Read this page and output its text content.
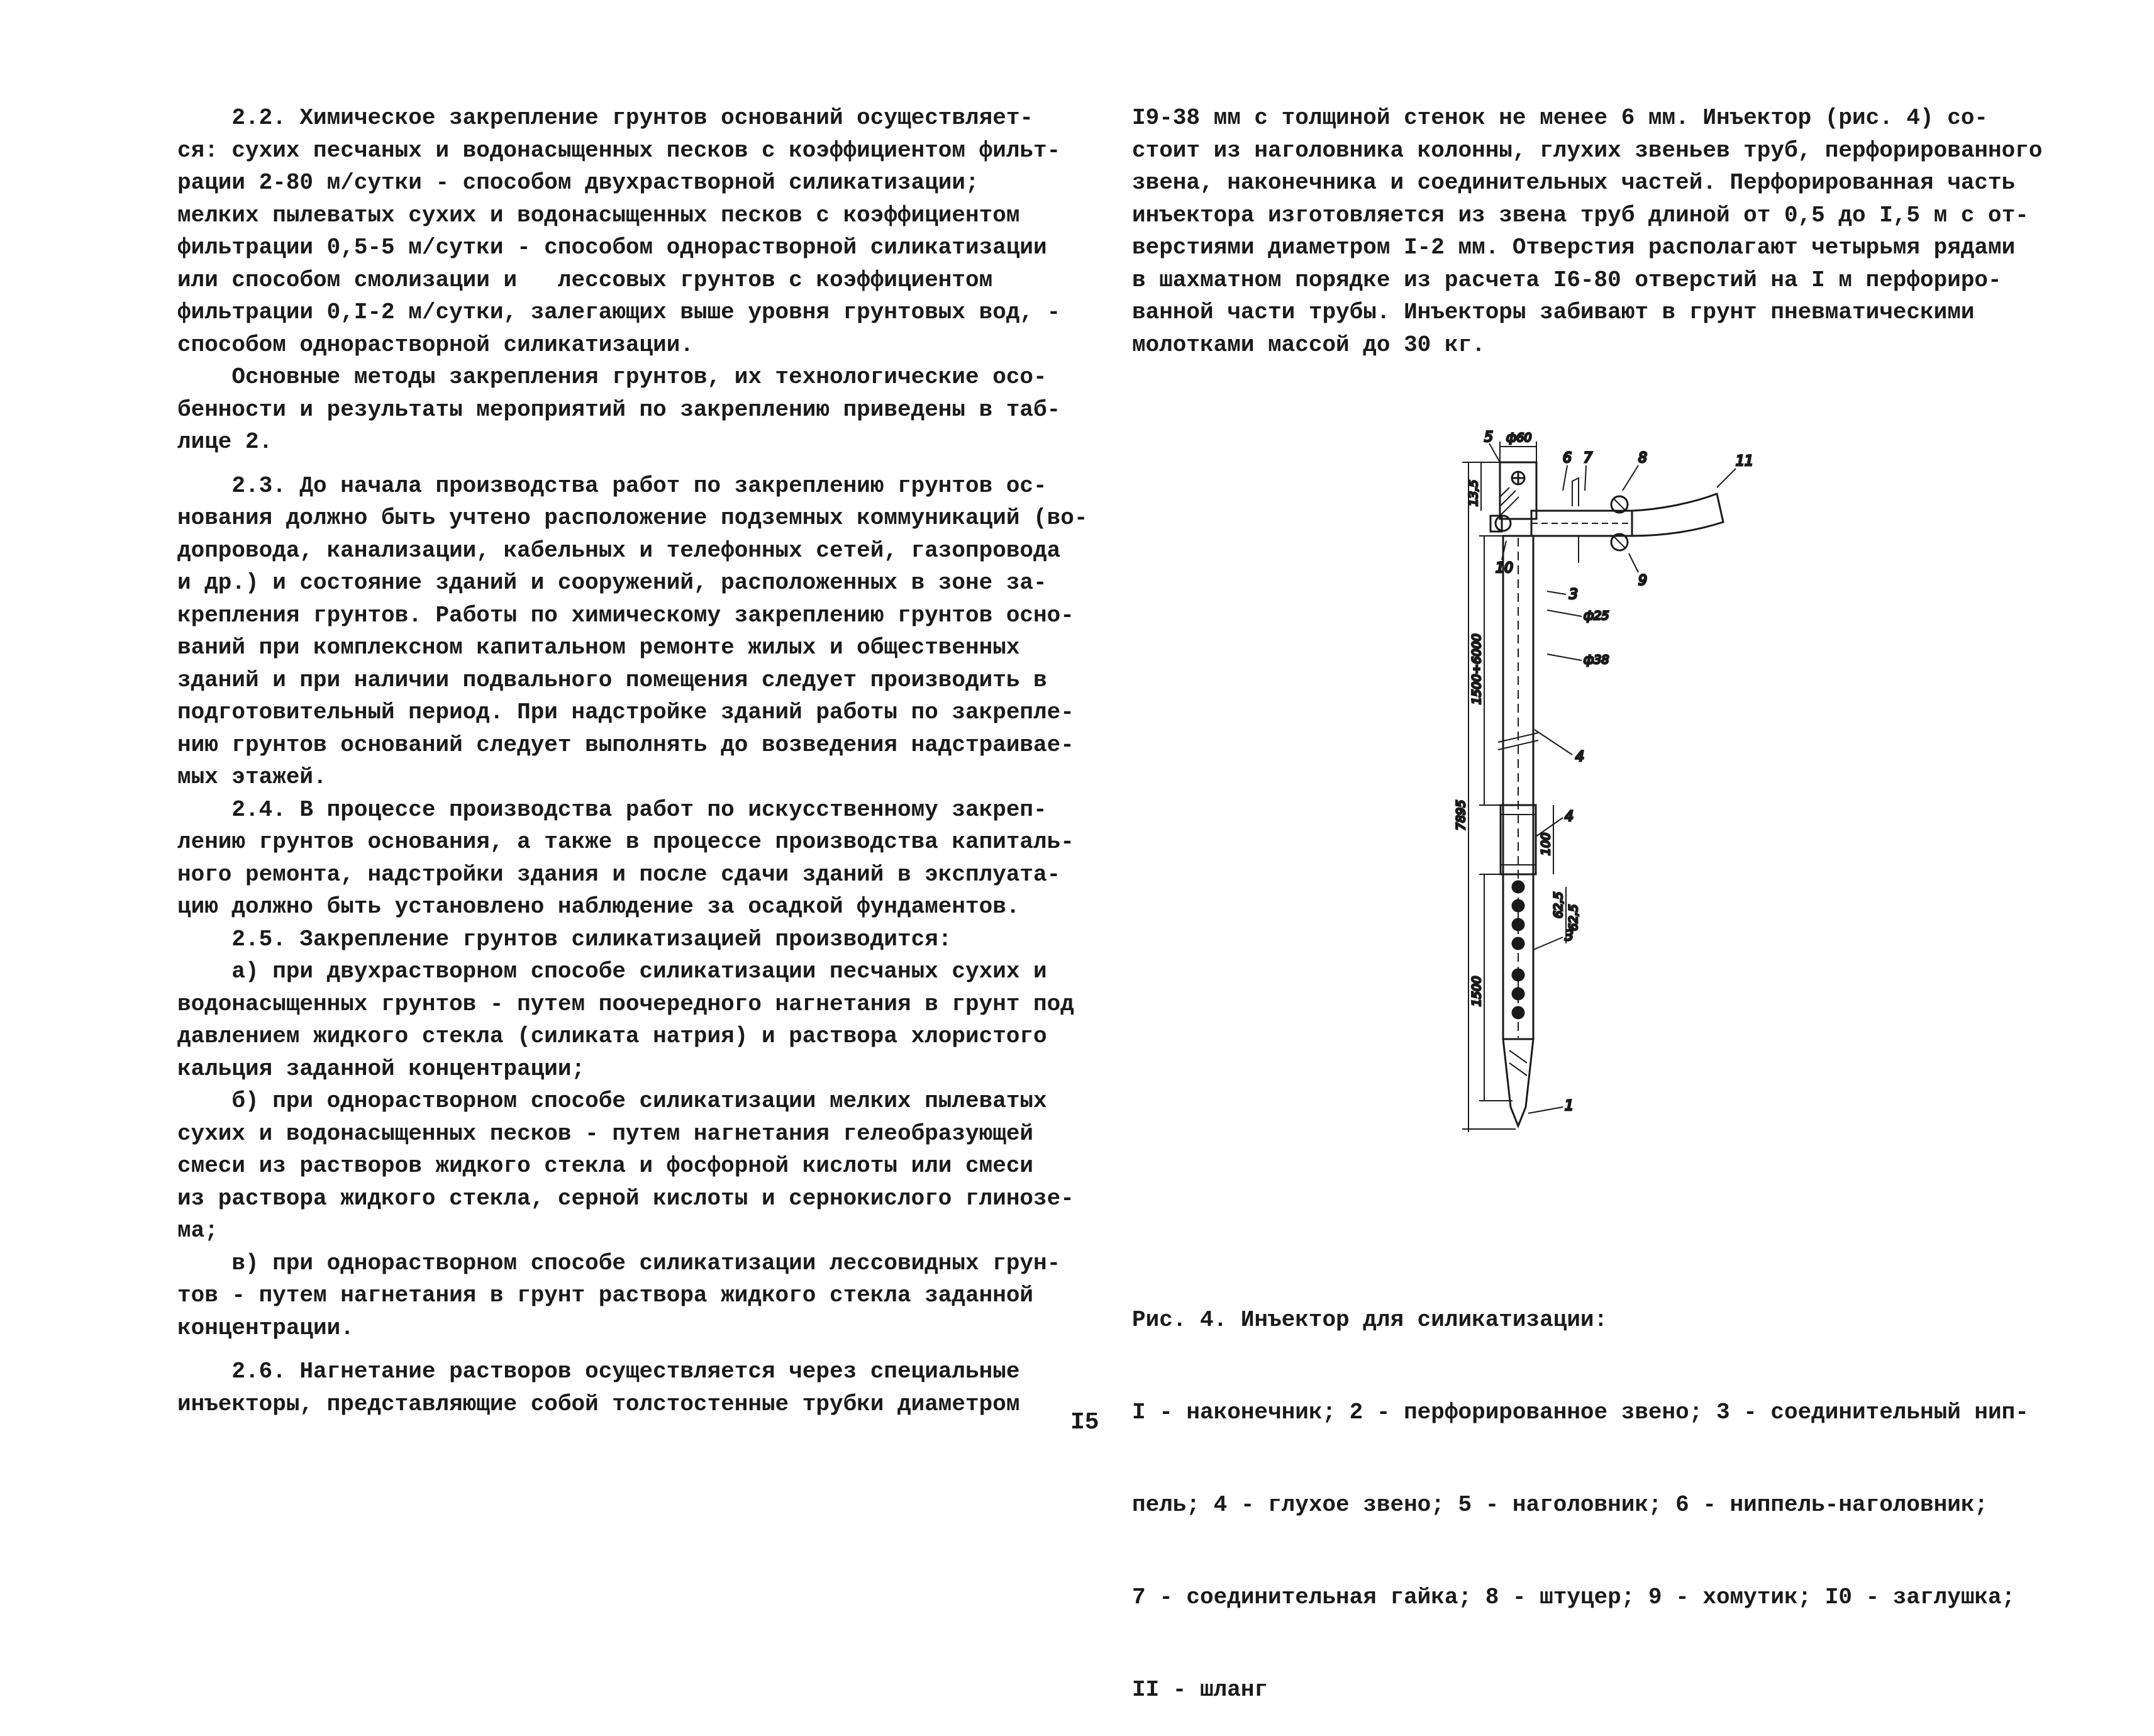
2.2. Химическое закрепление грунтов оснований осуществляет-
ся: сухих песчаных и водонасыщенных песков с коэффициентом фильт-
рации 2-80 м/сутки - способом двухрастворной силикатизации;
мелких пылеватых сухих и водонасыщенных песков с коэффициентом
фильтрации 0,5-5 м/сутки - способом однорастворной силикатизации
или способом смолизации и   лессовых грунтов с коэффициентом
фильтрации 0,I-2 м/сутки, залегающих выше уровня грунтовых вод, -
способом однорастворной силикатизации.
Основные методы закрепления грунтов, их технологические осо-
бенности и результаты мероприятий по закреплению приведены в таб-
лице 2.
2.3. До начала производства работ по закреплению грунтов ос-
нования должно быть учтено расположение подземных коммуникаций (во-
допровода, канализации, кабельных и телефонных сетей, газопровода
и др.) и состояние зданий и сооружений, расположенных в зоне за-
крепления грунтов. Работы по химическому закреплению грунтов осно-
ваний при комплексном капитальном ремонте жилых и общественных
зданий и при наличии подвального помещения следует производить в
подготовительный период. При надстройке зданий работы по закрепле-
нию грунтов оснований следует выполнять до возведения надстраивае-
мых этажей.
2.4. В процессе производства работ по искусственному закреп-
лению грунтов основания, а также в процессе производства капиталь-
ного ремонта, надстройки здания и после сдачи зданий в эксплуата-
цию должно быть установлено наблюдение за осадкой фундаментов.
2.5. Закрепление грунтов силикатизацией производится:
а) при двухрастворном способе силикатизации песчаных сухих и
водонасыщенных грунтов - путем поочередного нагнетания в грунт под
давлением жидкого стекла (силиката натрия) и раствора хлористого
кальция заданной концентрации;
б) при однорастворном способе силикатизации мелких пылеватых
сухих и водонасыщенных песков - путем нагнетания гелеобразующей
смеси из растворов жидкого стекла и фосфорной кислоты или смеси
из раствора жидкого стекла, серной кислоты и сернокислого глинозе-
ма;
в) при однорастворном способе силикатизации лессовидных грун-
тов - путем нагнетания в грунт раствора жидкого стекла заданной
концентрации.
2.6. Нагнетание растворов осуществляется через специальные
инъекторы, представляющие собой толстостенные трубки диаметром
I9-38 мм с толщиной стенок не менее 6 мм. Инъектор (рис. 4) со-
стоит из наголовника колонны, глухих звеньев труб, перфорированного
звена, наконечника и соединительных частей. Перфорированная часть
инъектора изготовляется из звена труб длиной от 0,5 до I,5 м с от-
верстиями диаметром I-2 мм. Отверстия располагают четырьмя рядами
в шахматном порядке из расчета I6-80 отверстий на I м перфориро-
ванной части трубы. Инъекторы забивают в грунт пневматическими
молотками массой до 30 кг.
5 ф60
6 7	8	11
9
10
3
ф25
ф38
4
4
3
1
13,5
1500÷6000
7895
1500
100
62,5 62,5

Рис. 4. Инъектор для силикатизации:

I - наконечник; 2 - перфорированное звено; 3 - соединительный нип-

пель; 4 - глухое звено; 5 - наголовник; 6 - ниппель-наголовник;

7 - соединительная гайка; 8 - штуцер; 9 - хомутик; I0 - заглушка;

II - шланг

I5
